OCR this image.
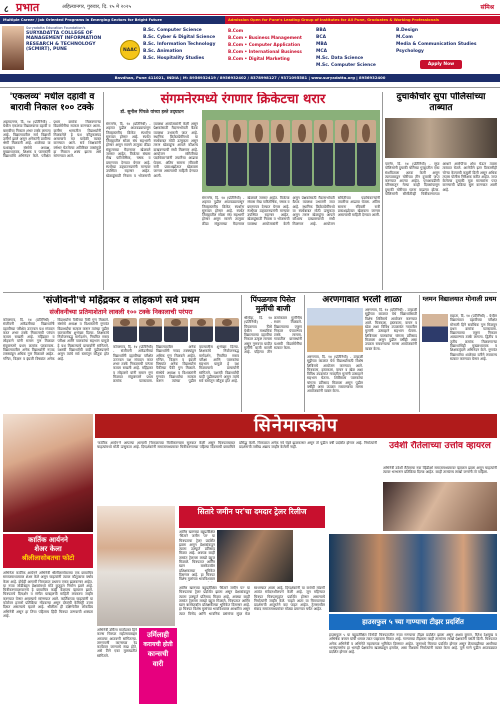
८ प्रभात	अहिल्यानगर, गुरुवार, दि. १५ मे २०२५	संमिश्र
Multiple Career / Job Oriented Programs in Emerging Sectors for Bright Future	Admission Open for Pune's Leading Group of Institutes for All Pune, Graduates & Working Professionals
Suryadatta Education Foundation's
SURYADATTA COLLEGE OF MANAGEMENT INFORMATION RESEARCH & TECHNOLOGY (SCMIRT), PUNE	NAAC
B.Sc. Computer Science
B.Sc. Cyber & Digital Science
B.Sc. Information Technology
B.Sc. Animation
B.Sc. Hospitality Studies
B.Com
B.Com • Business Management
B.Com • Computer Application
B.Com • International Business
B.Com • Digital Marketing
BBA
BCA
MBA
MCA
M.Sc. Data Science
M.Sc. Computer Science
B.Design
M.Com
Media & Communication Studies
Psychology
Apply Now
Bavdhan, Pune 411021, INDIA | M: 8956932419 / 8956932402 / 8378998127 / 9371095581 | www.suryadatta.org | 8956932400
'एकलव्य' मधील दहावी व बारावी निकाल १०० टक्के
अहमदनगर, दि. १४ (प्रतिनिधी) - येथील एकलव्य विद्यालयाचा दहावी व बारावीचा निकाल शंभर टक्के लागला आहे. विद्यालयातील सर्व विद्यार्थी उत्तीर्ण झाले असून अनेकांनी प्रावीण्य श्रेणी मिळवली आहे. शाळेच्या या यशाबद्दल संस्थेचे अध्यक्ष, मुख्याध्यापक, शिक्षक व पालकांनी विद्यार्थ्यांचे अभिनंदन केले. परीक्षेत प्रथम क्रमांक मिळवणाऱ्या विद्यार्थिनीचा सत्कार करण्यात आला. ग्रामीण भागातील विद्यार्थ्यांनी मिळवलेले हे यश कौतुकास्पद असल्याचे मत यावेळी व्यक्त करण्यात आले. सर्व शिक्षकांनी वर्षभर घेतलेल्या अतिरिक्त तासांमुळे हा निकाल शक्य झाला असे सांगण्यात आले.
संगमनेरमध्ये रंगणार क्रिकेटचा थरार
डॉ. सुनील पिंपळे यांच्या हस्ते उद्‌घाटन
संगमनेर, दि. १४ (प्रतिनिधी) - शहरात पुढील आठवड्यापासून जिल्हास्तरीय क्रिकेट स्पर्धांना सुरुवात होणार आहे. स्पर्धेत जिल्ह्यातील सोळा संघ सहभागी होणार असून सामने तालुका क्रीडा संकुलाच्या मैदानावर खेळवले जाणार आहेत. विजेत्या संघास रोख पारितोषिक, चषक व प्रमाणपत्र देण्यात येणार आहे. स्पर्धेच्या उद्‌घाटनप्रसंगी मान्यवर उपस्थित राहणार आहेत. खेळाडूंसाठी निवास व भोजनाची व्यवस्था आयोजकांनी केली असून प्रेक्षकांसाठी मैदानाभोवती बैठक व्यवस्था उभारली जात आहे. स्थानिक क्रिकेटप्रेमींमध्ये या स्पर्धेबाबत मोठी उत्सुकता असून तरुण खेळाडूंना आपले कौशल्य दाखवण्याची संधी मिळणार आहे. आयोजन समितीच्या पदाधिकाऱ्यांनी तयारीचा आढावा घेतला. अंतिम सामना रविवारी रात्री प्रकाशझोतात खेळवला जाणार असल्याची माहिती देण्यात आली.
संगमनेर, दि. १४ (प्रतिनिधी) - शहरात पुढील आठवड्यापासून जिल्हास्तरीय क्रिकेट स्पर्धांना सुरुवात होणार आहे. स्पर्धेत जिल्ह्यातील सोळा संघ सहभागी होणार असून सामने तालुका क्रीडा संकुलाच्या मैदानावर खेळवले जाणार आहेत. विजेत्या संघास रोख पारितोषिक, चषक व प्रमाणपत्र देण्यात येणार आहे. स्पर्धेच्या उद्‌घाटनप्रसंगी मान्यवर उपस्थित राहणार आहेत. खेळाडूंसाठी निवास व भोजनाची व्यवस्था आयोजकांनी केली असून प्रेक्षकांसाठी मैदानाभोवती बैठक व्यवस्था उभारली जात आहे. स्थानिक क्रिकेटप्रेमींमध्ये या स्पर्धेबाबत मोठी उत्सुकता असून तरुण खेळाडूंना आपले कौशल्य दाखवण्याची संधी मिळणार आहे. आयोजन समितीच्या पदाधिकाऱ्यांनी तयारीचा आढावा घेतला. अंतिम सामना रविवारी रात्री प्रकाशझोतात खेळवला जाणार असल्याची माहिती देण्यात आली.
दुचाकीचोर सुपा पोलिसांच्या ताब्यात
पारनेर, दि. १४ (प्रतिनिधी) - सुपा पोलिसांनी दुचाकी चोरीच्या गुन्ह्यातील एका संशयिताला अटक केली असून त्याच्याकडून चोरीच्या तीन दुचाकी जप्त करण्यात आल्या आहेत. एमआयडीसी परिसरातून गेल्या काही दिवसांपासून दुचाकी चोरीच्या घटना वाढल्या होत्या. पोलिसांनी सीसीटीव्ही चित्रीकरणाच्या आधारे आरोपीचा शोध घेऊन त्याला ताब्यात घेतले. आरोपीने इतर ठिकाणीही चोऱ्या केल्याची कबुली दिली असून अधिक तपास पोलीस निरीक्षक करीत आहेत. जप्त केलेल्या दुचाकी मूळ मालकांना परत करण्याची प्रक्रिया सुरू करण्यात आली आहे.
'संजीवनी'चे महिंद्रकर व लोहकणे सर्व प्रथम
संजीवनीच्या प्रतिमाशेताने लावली १०० टक्के निकालाची परंपरा
कोपरगाव, दि. १४ (प्रतिनिधी) - संजीवनी अकॅडमीच्या विद्यार्थ्यांनी दहावीच्या परीक्षेत उज्ज्वल यश संपादन करत शंभर टक्के निकालाची परंपरा कायम राखली आहे. महिंद्रकर व लोहकणे यांनी समान गुण मिळवत संयुक्तपणे प्रथम क्रमांक पटकावला. विद्यालयातील अनेक विद्यार्थ्यांनी नव्वद टक्क्यांहून अधिक गुण मिळवले आहेत. गणित, विज्ञान व इंग्रजी विषयांत अनेक विद्यार्थ्यांना पैकीच्या पैकी गुण मिळाले. संस्थेचे अध्यक्ष व विश्वस्तांनी गुणवंत विद्यार्थ्यांचा सत्कार करून त्यांच्या पुढील वाटचालीस शुभेच्छा दिल्या. शिक्षकांचे नियोजनबद्ध मार्गदर्शन, नियमित सराव परीक्षा आणि पालकांचा सहभाग यामुळे हे यश मिळाल्याचे प्राचार्यांनी सांगितले. यशस्वी विद्यार्थ्यांची यादी पुढीलप्रमाणे असून त्यांचे सर्व स्तरांतून कौतुक होत आहे.
कोपरगाव, दि. १४ (प्रतिनिधी) - संजीवनी अकॅडमीच्या विद्यार्थ्यांनी दहावीच्या परीक्षेत उज्ज्वल यश संपादन करत शंभर टक्के निकालाची परंपरा कायम राखली आहे. महिंद्रकर व लोहकणे यांनी समान गुण मिळवत संयुक्तपणे प्रथम क्रमांक पटकावला. विद्यालयातील अनेक विद्यार्थ्यांनी नव्वद टक्क्यांहून अधिक गुण मिळवले आहेत. गणित, विज्ञान व इंग्रजी विषयांत अनेक विद्यार्थ्यांना पैकीच्या पैकी गुण मिळाले. संस्थेचे अध्यक्ष व विश्वस्तांनी गुणवंत विद्यार्थ्यांचा सत्कार करून त्यांच्या पुढील वाटचालीस शुभेच्छा दिल्या. शिक्षकांचे नियोजनबद्ध मार्गदर्शन, नियमित सराव परीक्षा आणि पालकांचा सहभाग यामुळे हे यश मिळाल्याचे प्राचार्यांनी सांगितले. यशस्वी विद्यार्थ्यांची यादी पुढीलप्रमाणे असून त्यांचे सर्व स्तरांतून कौतुक होत आहे.
पिंपळगाव पिसेत मुलींची बाजी
श्रीगोंदा, दि. १४ (प्रतिनिधी) - पिंपळगाव पिसे येथील माध्यमिक विद्यालयाचा दहावीचा निकाल उत्कृष्ट लागला असून गुणवत्ता यादीत मुलींनी बाजी मारली आहे. पहिल्या तीन क्रमांकावर मुलींनीच स्थान मिळवले. विद्यालयाचा एकूण निकाल पंच्याण्णव टक्के लागला. गावातील ग्रामस्थांनी यशस्वी विद्यार्थिनींचा सत्कार केला.
अरणगावात भरली शाळा
अरणगाव, दि. १४ (प्रतिनिधी) - उन्हाळी सुट्टीच्या काळात येथे विद्यार्थ्यांसाठी विशेष शिबिराचे आयोजन करण्यात आले. चित्रकला, हस्तकला, वाचन व खेळ अशा विविध उपक्रमांत गावातील मुलांनी उत्साहाने सहभाग घेतला. शिबिराला पालकांचा चांगला प्रतिसाद मिळाला असून पुढील वर्षीही असा उपक्रम राबवण्याचा मानस आयोजकांनी व्यक्त केला.
अरणगाव, दि. १४ (प्रतिनिधी) - उन्हाळी सुट्टीच्या काळात येथे विद्यार्थ्यांसाठी विशेष शिबिराचे आयोजन करण्यात आले. चित्रकला, हस्तकला, वाचन व खेळ अशा विविध उपक्रमांत गावातील मुलांनी उत्साहाने सहभाग घेतला. शिबिराला पालकांचा चांगला प्रतिसाद मिळाला असून पुढील वर्षीही असा उपक्रम राबवण्याचा मानस आयोजकांनी व्यक्त केला.
ग्लमन विद्यालयात मोनाली प्रथम
राहाता, दि. १४ (प्रतिनिधी) - येथील विद्यालयात दहावीच्या परीक्षेत मोनाली हिने सर्वाधिक गुण मिळवून प्रथम क्रमांक पटकावला. विद्यालयाचा एकूण निकाल अठ्याण्णव टक्के लागला. द्वितीय व तृतीय क्रमांक मिळवणाऱ्या विद्यार्थ्यांचेही मुख्याध्यापक व शिक्षकवृंदाने अभिनंदन केले. गुणवंत विद्यार्थ्यांचा शाळेच्या वतीने लवकरच सत्कार करण्यात येणार आहे.
सिनेमास्कोप
'कार्तिक आर्यन'ने आपल्या आगामी चित्रपटाच्या चित्रीकरणाला सुरुवात केली असून चित्रपटाबाबत चाहत्यांमध्ये मोठी उत्सुकता आहे. दिग्दर्शकांनी समाजमाध्यमावर चित्रीकरणाच्या पहिल्या दिवसाची छायाचित्रे प्रसिद्ध केली. चित्रपटात अनेक नवे चेहरे झळकणार असून तो पुढील वर्षी प्रदर्शित होणार आहे. निर्मात्यांनी प्रदर्शनाची तारीख अद्याप जाहीर केलेली नाही.	उर्वशी रौतेलाच्या उत्तोव व्हायरल
अभिनेत्री उर्वशी रौतेलाचा नवा व्हिडीओ समाजमाध्यमावर व्हायरल झाला असून चाहत्यांनी त्यावर भरभरून प्रतिक्रिया दिल्या आहेत. काही तासांतच लाखो जणांनी तो पाहिला.
कार्तिक आर्यनने
शेअर केला
श्रीलीलासोबतचा फोटो
अभिनेता कार्तिक आर्यनने अभिनेत्री श्रीलीलासोबतचा एक छायाचित्र समाजमाध्यमावर शेअर केले असून चाहत्यांनी त्यावर कौतुकाचा वर्षाव केला आहे. दोघेही आगामी चित्रपटात प्रथमच एकत्र झळकणार आहेत. या नव्या जोडीबद्दल प्रेक्षकांमध्ये मोठे कुतूहल निर्माण झाले आहे. चित्रीकरणादरम्यानचे हे छायाचित्र काही वेळातच व्हायरल झाले. चित्रपटाचे दिग्दर्शन व संगीत याबद्दलची माहिती लवकरच जाहीर करण्यात येणार असल्याचे सांगण्यात आले. कार्तिकच्या चाहत्यांनी या फोटोवर हजारो प्रतिक्रिया नोंदवल्या असून दोघांची केमिस्ट्री उत्तम दिसत असल्याचे म्हटले आहे. श्रीलीला ही दक्षिणेतील लोकप्रिय अभिनेत्री असून हा तिचा पहिलाच हिंदी चित्रपट ठरण्याची शक्यता आहे.
अभिनेत्री उर्मिला मातोंडकर हिने कान्स चित्रपट महोत्सवाबद्दल आपल्या आठवणी सांगितल्या. तरुणपणी कान्सच्या रेड कार्पेटवर जाण्याचे स्वप्न होते, असे तिने एका मुलाखतीत सांगितले.
उर्मिलाही
करायची होती
कान्सची
वारी
सितारे जमीन पर'चा दमदार ट्रेलर रिलीज
आमिर खानच्या बहुप्रतीक्षित 'सितारे जमीन पर' या चित्रपटाचा ट्रेलर प्रदर्शित झाला असून प्रेक्षकांकडून त्याला उत्स्फूर्त प्रतिसाद मिळत आहे. अवघ्या काही तासांत ट्रेलरला लाखो व्ह्यूज मिळाले. चित्रपटात आमिर खान बास्केटबॉल प्रशिक्षकाच्या भूमिकेत दिसणार आहे. हा चित्रपट विशेष मुलांच्या भावविश्वावर
आमिर खानच्या बहुप्रतीक्षित 'सितारे जमीन पर' या चित्रपटाचा ट्रेलर प्रदर्शित झाला असून प्रेक्षकांकडून त्याला उत्स्फूर्त प्रतिसाद मिळत आहे. अवघ्या काही तासांत ट्रेलरला लाखो व्ह्यूज मिळाले. चित्रपटात आमिर खान बास्केटबॉल प्रशिक्षकाच्या भूमिकेत दिसणार आहे. हा चित्रपट विशेष मुलांच्या भावविश्वावर आधारित असून त्यात विनोद आणि भावनिक प्रसंगांचा सुंदर मेळ साधण्यात आला आहे. दिग्दर्शकांनी या कथेची मांडणी अत्यंत संवेदनशीलपणे केली आहे. जून महिन्यात चित्रपट चित्रपटगृहांत प्रदर्शित होणार असल्याचे निर्मात्यांनी जाहीर केले. चाहते आता या चित्रपटाच्या प्रदर्शनाची आतुरतेने वाट पाहत आहेत. ट्रेलरमधील संवाद समाजमाध्यमांवर मोठ्या प्रमाणात चर्चेत आहेत.
हाउसफुल ५ च्या गाण्याचा टीझर प्रदर्शित
हाउसफुल ५ या बहुप्रतीक्षित विनोदी चित्रपटातील नव्या गाण्याचा टीझर प्रदर्शित झाला असून अक्षय कुमार, रितेश देशमुख व अभिषेक बच्चन यांची धमाल त्यात पाहायला मिळत आहे. गाण्याच्या टीझरला काही तासांतच लाखो प्रेक्षकांनी पसंती दिली. चित्रपटात अनेक अभिनेत्री व अभिनेते महत्त्वाच्या भूमिकेत दिसणार आहेत. जूनमध्ये चित्रपट प्रदर्शित होणार असून फ्रेंचायझीच्या आधीच्या भागांप्रमाणेच हा भागही प्रेक्षकांना खळखळून हसवेल, असा विश्वास निर्मात्यांनी व्यक्त केला आहे. पूर्ण गाणे पुढील आठवड्यात प्रदर्शित होणार आहे.
